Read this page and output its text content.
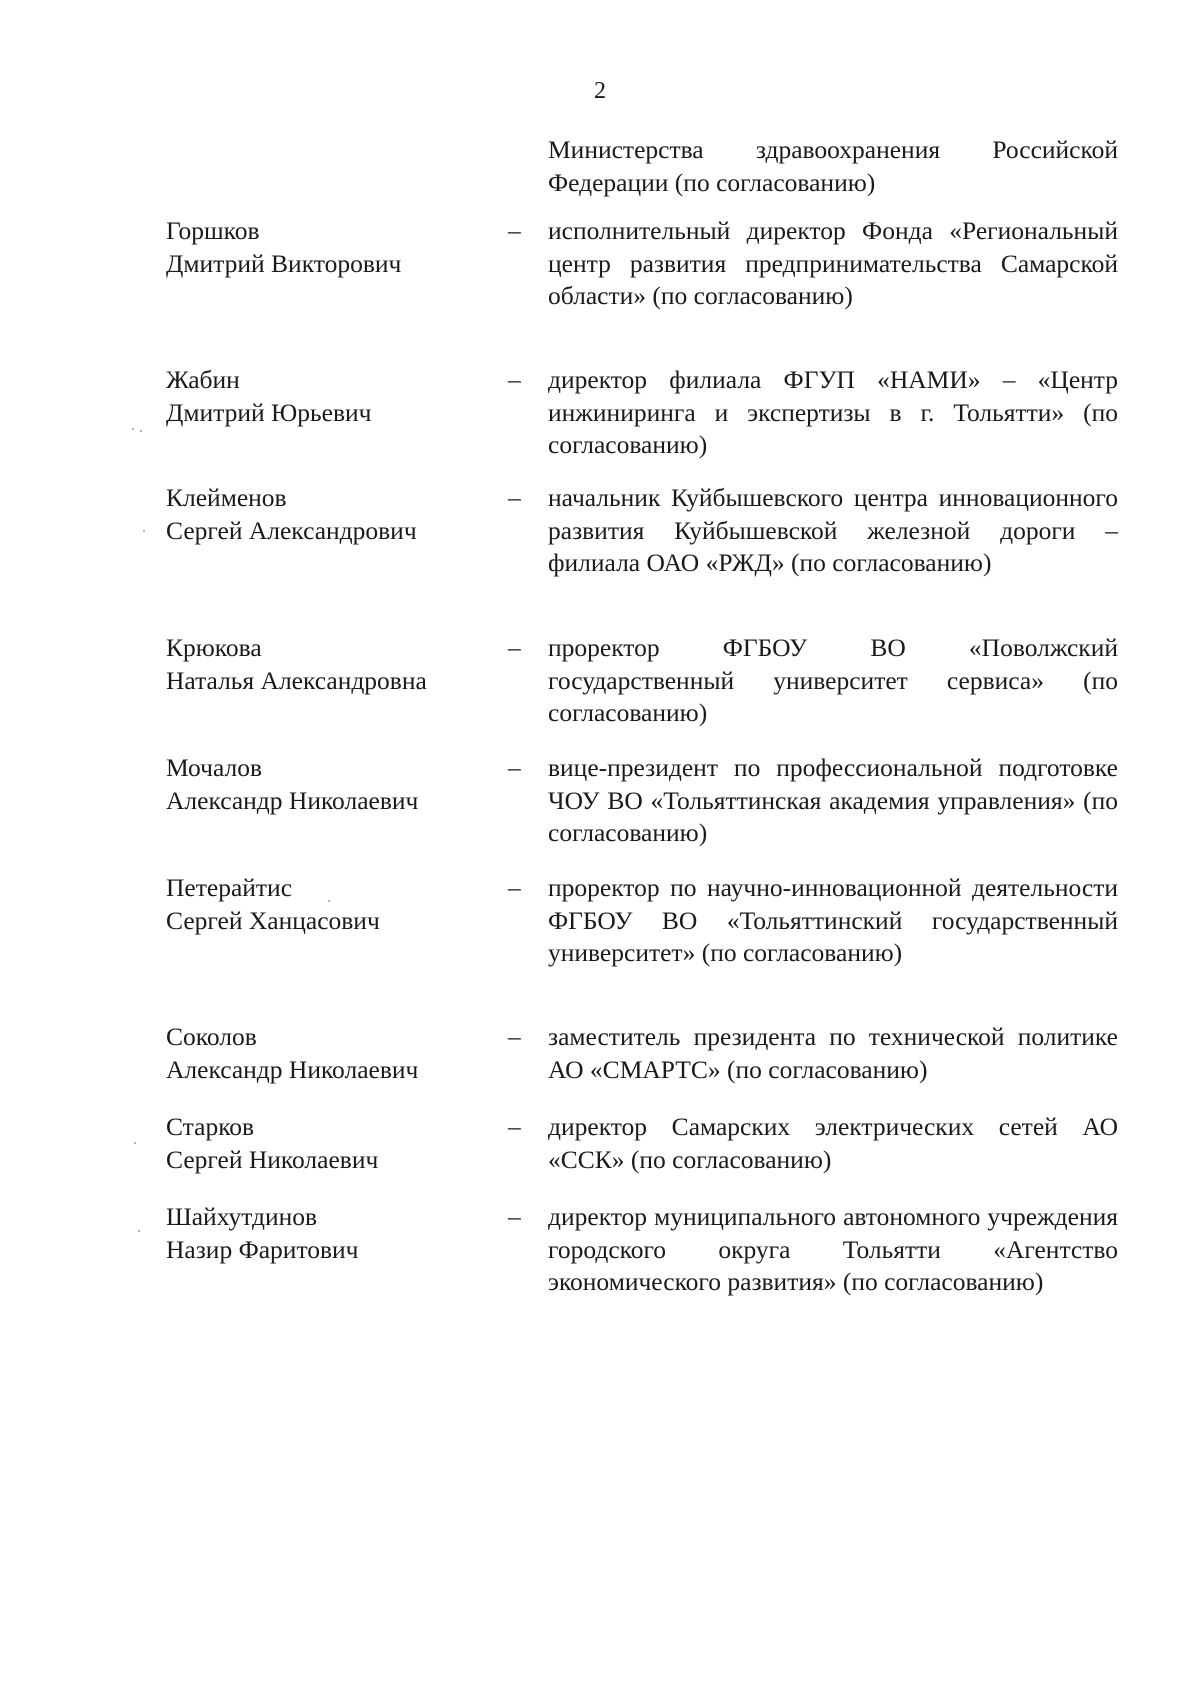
2
Министерства здравоохранения Российской Федерации (по согласованию)
Горшков
Дмитрий Викторович
– исполнительный директор Фонда «Региональный центр развития предпринимательства Самарской области» (по согласованию)
Жабин
Дмитрий Юрьевич
– директор филиала ФГУП «НАМИ» – «Центр инжиниринга и экспертизы в г. Тольятти» (по согласованию)
Клейменов
Сергей Александрович
– начальник Куйбышевского центра инновационного развития Куйбышевской железной дороги – филиала ОАО «РЖД» (по согласованию)
Крюкова
Наталья Александровна
– проректор ФГБОУ ВО «Поволжский государственный университет сервиса» (по согласованию)
Мочалов
Александр Николаевич
– вице-президент по профессиональной подготовке ЧОУ ВО «Тольяттинская академия управления» (по согласованию)
Петерайтис
Сергей Ханцасович
– проректор по научно-инновационной деятельности ФГБОУ ВО «Тольяттинский государственный университет» (по согласованию)
Соколов
Александр Николаевич
– заместитель президента по технической политике АО «СМАРТС» (по согласованию)
Старков
Сергей Николаевич
– директор Самарских электрических сетей АО «ССК» (по согласованию)
Шайхутдинов
Назир Фаритович
– директор муниципального автономного учреждения городского округа Тольятти «Агентство экономического развития» (по согласованию)
